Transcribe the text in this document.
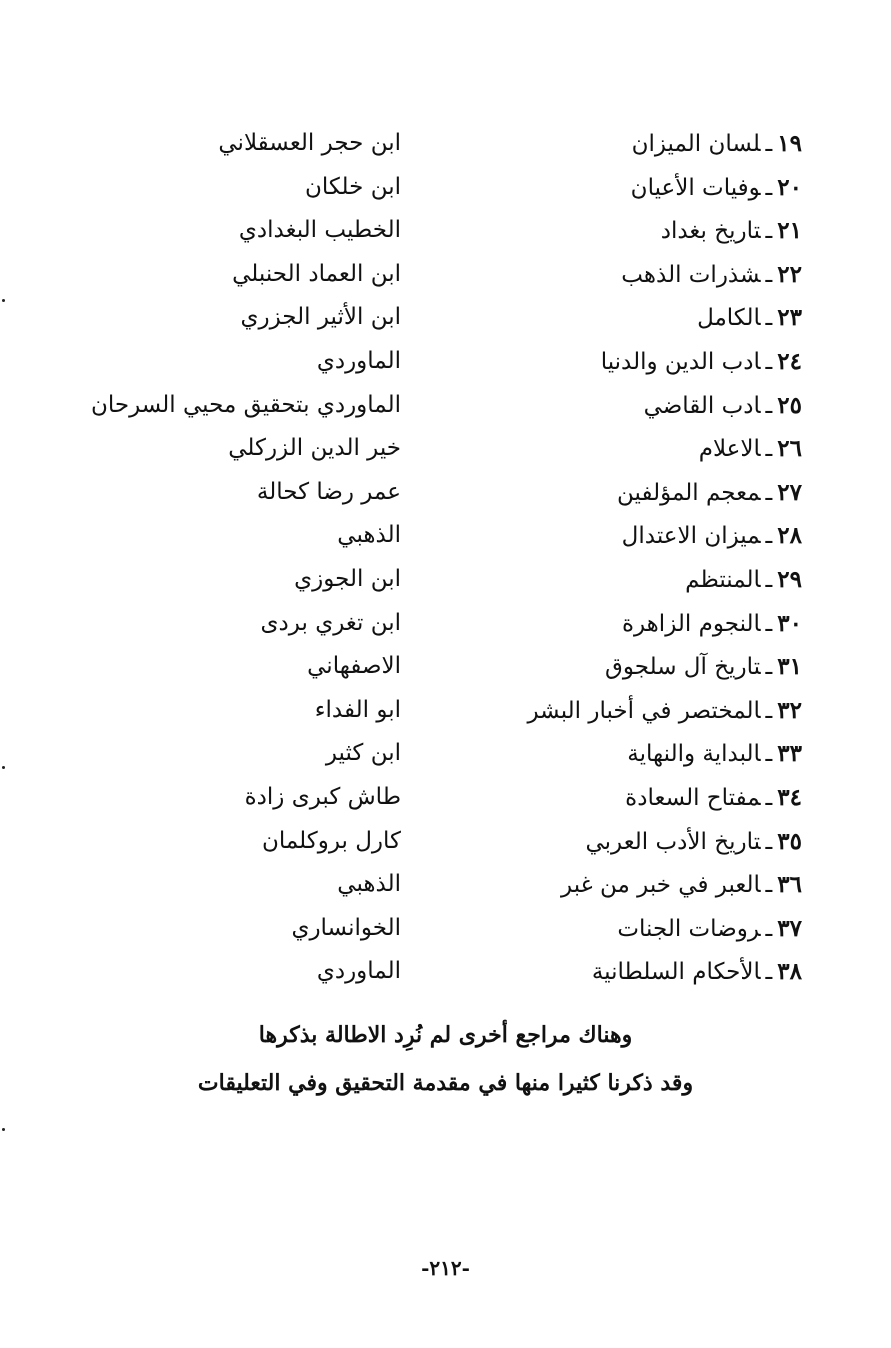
١٩ـلسان الميزان
ابن حجر العسقلاني
٢٠ـوفيات الأعيان
ابن خلكان
٢١ـتاريخ بغداد
الخطيب البغدادي
٢٢ـشذرات الذهب
ابن العماد الحنبلي
٢٣ـالكامل
ابن الأثير الجزري
٢٤ـادب الدين والدنيا
الماوردي
٢٥ـادب القاضي
الماوردي بتحقيق محيي السرحان
٢٦ـالاعلام
خير الدين الزركلي
٢٧ـمعجم المؤلفين
عمر رضا كحالة
٢٨ـميزان الاعتدال
الذهبي
٢٩ـالمنتظم
ابن الجوزي
٣٠ـالنجوم الزاهرة
ابن تغري بردى
٣١ـتاريخ آل سلجوق
الاصفهاني
٣٢ـالمختصر في أخبار البشر
ابو الفداء
٣٣ـالبداية والنهاية
ابن كثير
٣٤ـمفتاح السعادة
طاش كبرى زادة
٣٥ـتاريخ الأدب العربي
كارل بروكلمان
٣٦ـالعبر في خبر من غبر
الذهبي
٣٧ـروضات الجنات
الخوانساري
٣٨ـالأحكام السلطانية
الماوردي
وهناك مراجع أخرى لم نُرِد الاطالة بذكرها
وقد ذكرنا كثيرا منها في مقدمة التحقيق وفي التعليقات
-٢١٢-
